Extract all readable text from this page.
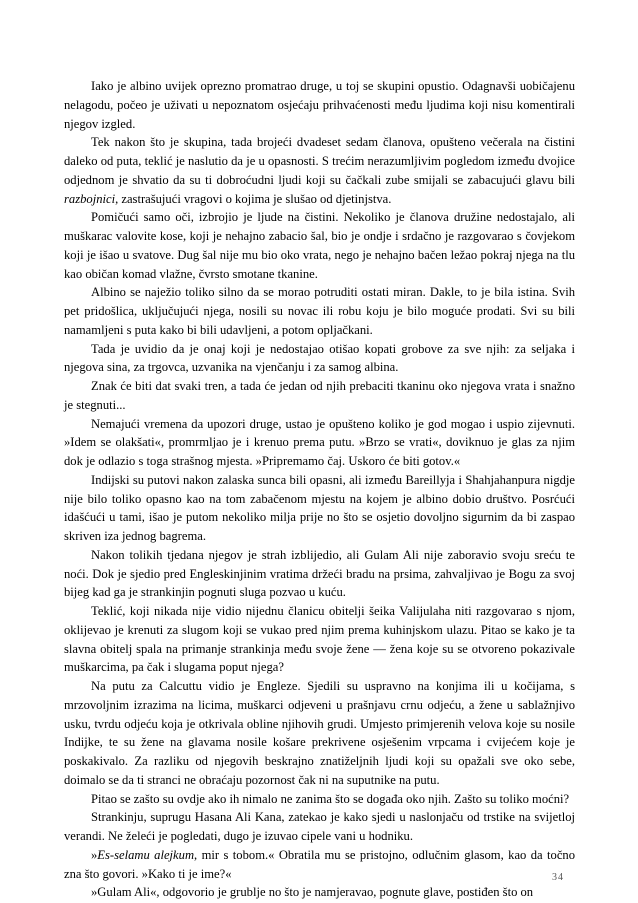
Iako je albino uvijek oprezno promatrao druge, u toj se skupini opustio. Odagnavši uobičajenu nelagodu, počeo je uživati u nepoznatom osjećaju prihvaćenosti među ljudima koji nisu komentirali njegov izgled.

Tek nakon što je skupina, tada brojeći dvadeset sedam članova, opušteno večerala na čistini daleko od puta, teklić je naslutio da je u opasnosti. S trećim nerazumljivim pogledom između dvojice odjednom je shvatio da su ti dobroćudni ljudi koji su čačkali zube smijali se zabacujući glavu bili razbojnici, zastrašujući vragovi o kojima je slušao od djetinjstva.

Pomičući samo oči, izbrojio je ljude na čistini. Nekoliko je članova družine nedostajalo, ali muškarac valovite kose, koji je nehajno zabacio šal, bio je ondje i srdačno je razgovarao s čovjekom koji je išao u svatove. Dug šal nije mu bio oko vrata, nego je nehajno bačen ležao pokraj njega na tlu kao običan komad vlažne, čvrsto smotane tkanine.

Albino se naježio toliko silno da se morao potruditi ostati miran. Dakle, to je bila istina. Svih pet pridošlica, uključujući njega, nosili su novac ili robu koju je bilo moguće prodati. Svi su bili namamljeni s puta kako bi bili udavljeni, a potom opljačkani.

Tada je uvidio da je onaj koji je nedostajao otišao kopati grobove za sve njih: za seljaka i njegova sina, za trgovca, uzvanika na vjenčanju i za samog albina.

Znak će biti dat svaki tren, a tada će jedan od njih prebaciti tkaninu oko njegova vrata i snažno je stegnuti...

Nemajući vremena da upozori druge, ustao je opušteno koliko je god mogao i uspio zijevnuti. »Idem se olakšati«, promrmljao je i krenuo prema putu. »Brzo se vrati«, doviknuo je glas za njim dok je odlazio s toga strašnog mjesta. »Pripremamo čaj. Uskoro će biti gotov.«

Indijski su putovi nakon zalaska sunca bili opasni, ali između Bareillyja i Shahjahanpura nigdje nije bilo toliko opasno kao na tom zabačenom mjestu na kojem je albino dobio društvo. Posrćući idašćući u tami, išao je putom nekoliko milja prije no što se osjetio dovoljno sigurnim da bi zaspao skriven iza jednog bagrema.

Nakon tolikih tjedana njegov je strah izblijedio, ali Gulam Ali nije zaboravio svoju sreću te noći. Dok je sjedio pred Engleskinjinim vratima držeći bradu na prsima, zahvaljivao je Bogu za svoj bijeg kad ga je strankinjin pognuti sluga pozvao u kuću.

Teklić, koji nikada nije vidio nijednu članicu obitelji šeika Valijulaha niti razgovarao s njom, oklijevao je krenuti za slugom koji se vukao pred njim prema kuhinjskom ulazu. Pitao se kako je ta slavna obitelj spala na primanje strankinja među svoje žene — žena koje su se otvoreno pokazivale muškarcima, pa čak i slugama poput njega?

Na putu za Calcuttu vidio je Engleze. Sjedili su uspravno na konjima ili u kočijama, s mrzovoljnim izrazima na licima, muškarci odjeveni u prašnjavu crnu odjeću, a žene u sablažnjivo usku, tvrdu odjeću koja je otkrivala obline njihovih grudi. Umjesto primjerenih velova koje su nosile Indijke, te su žene na glavama nosile košare prekrivene osješenim vrpcama i cvijećem koje je poskakivalo. Za razliku od njegovih beskrajno znatiželjnih ljudi koji su opažali sve oko sebe, doimalo se da ti stranci ne obraćaju pozornost čak ni na suputnike na putu.

Pitao se zašto su ovdje ako ih nimalo ne zanima što se događa oko njih. Zašto su toliko moćni?

Strankinju, suprugu Hasana Ali Kana, zatekao je kako sjedi u naslonjaču od trstike na svijetloj verandi. Ne želeći je pogledati, dugo je izuvao cipele vani u hodniku.

»Es-selamu alejkum, mir s tobom.« Obratila mu se pristojno, odlučnim glasom, kao da točno zna što govori. »Kako ti je ime?«

»Gulam Ali«, odgovorio je grublje no što je namjeravao, pognute glave, postiđen što on

34
